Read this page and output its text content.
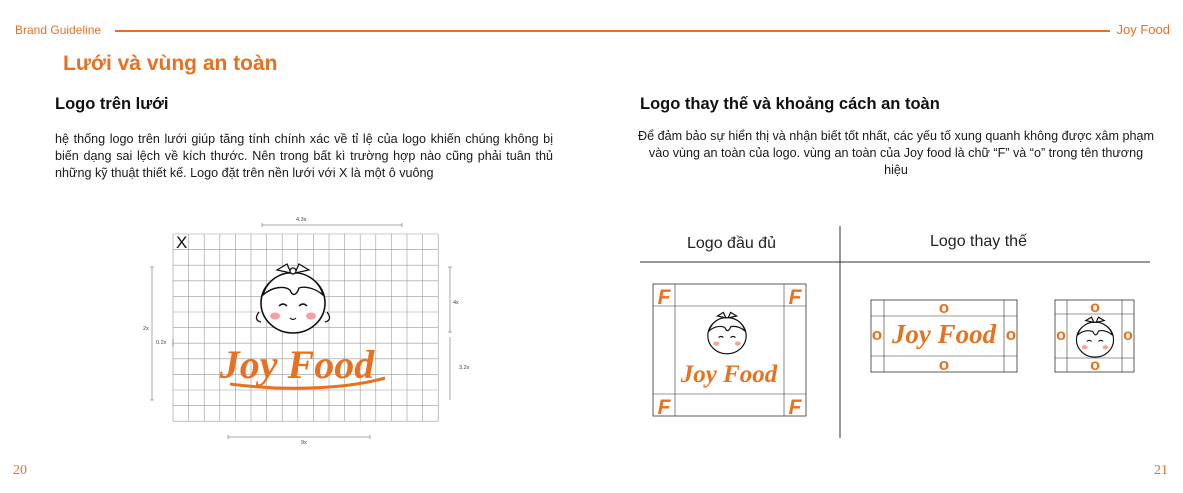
Brand Guideline	Joy Food
Lưới và vùng an toàn
Logo trên lưới
hệ thống logo trên lưới giúp tăng tính chính xác về tỉ lệ của logo khiến chúng không bị biến dạng sai lệch về kích thước. Nên trong bất kì trường hợp nào cũng phải tuân thủ những kỹ thuật thiết kế. Logo đặt trên nền lưới với X là một ô vuông
Joy Food
X
4.3x
2x
0.2x
4x
3.2x
9x
Logo thay thế và khoảng cách an toàn
Để đảm bảo sự hiển thị và nhận biết tốt nhất, các yếu tố xung quanh không được xâm phạm vào vùng an toàn của logo. vùng an toàn của Joy food là chữ “F” và “o” trong tên thương hiệu
Logo đầu đủ	Logo thay thế
F	F
F	F
Joy Food
o
o
o	o
Joy Food
o
o
o	o
20	21
